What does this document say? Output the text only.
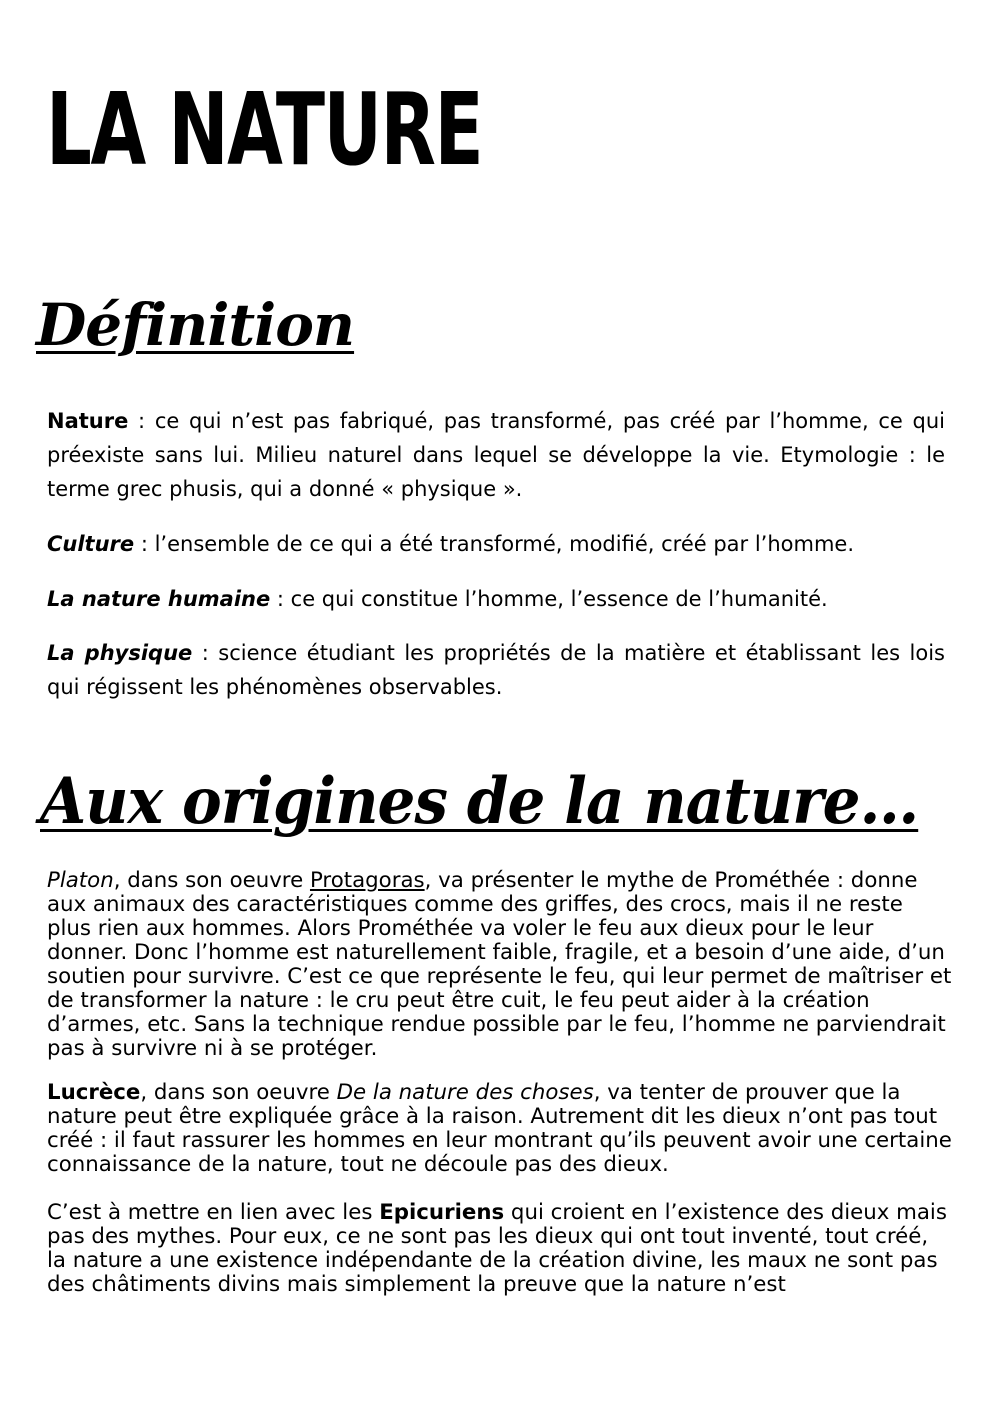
LA NATURE
Définition

Nature : ce qui n’est pas fabriqué, pas transformé, pas créé par l’homme, ce qui préexiste sans lui. Milieu naturel dans lequel se développe la vie. Etymologie : le terme grec phusis, qui a donné « physique ».

Culture : l’ensemble de ce qui a été transformé, modifié, créé par l’homme.

La nature humaine : ce qui constitue l’homme, l’essence de l’humanité.

La physique : science étudiant les propriétés de la matière et établissant les lois qui régissent les phénomènes observables.

Aux origines de la nature…

Platon, dans son oeuvre Protagoras, va présenter le mythe de Prométhée : donne aux animaux des caractéristiques comme des griffes, des crocs, mais il ne reste plus rien aux hommes. Alors Prométhée va voler le feu aux dieux pour le leur donner. Donc l’homme est naturellement faible, fragile, et a besoin d’une aide, d’un soutien pour survivre. C’est ce que représente le feu, qui leur permet de maîtriser et de transformer la nature : le cru peut être cuit, le feu peut aider à la création d’armes, etc. Sans la technique rendue possible par le feu, l’homme ne parviendrait pas à survivre ni à se protéger.

Lucrèce, dans son oeuvre De la nature des choses, va tenter de prouver que la nature peut être expliquée grâce à la raison. Autrement dit les dieux n’ont pas tout créé : il faut rassurer les hommes en leur montrant qu’ils peuvent avoir une certaine connaissance de la nature, tout ne découle pas des dieux.

C’est à mettre en lien avec les Epicuriens qui croient en l’existence des dieux mais pas des mythes. Pour eux, ce ne sont pas les dieux qui ont tout inventé, tout créé, la nature a une existence indépendante de la création divine, les maux ne sont pas des châtiments divins mais simplement la preuve que la nature n’est
